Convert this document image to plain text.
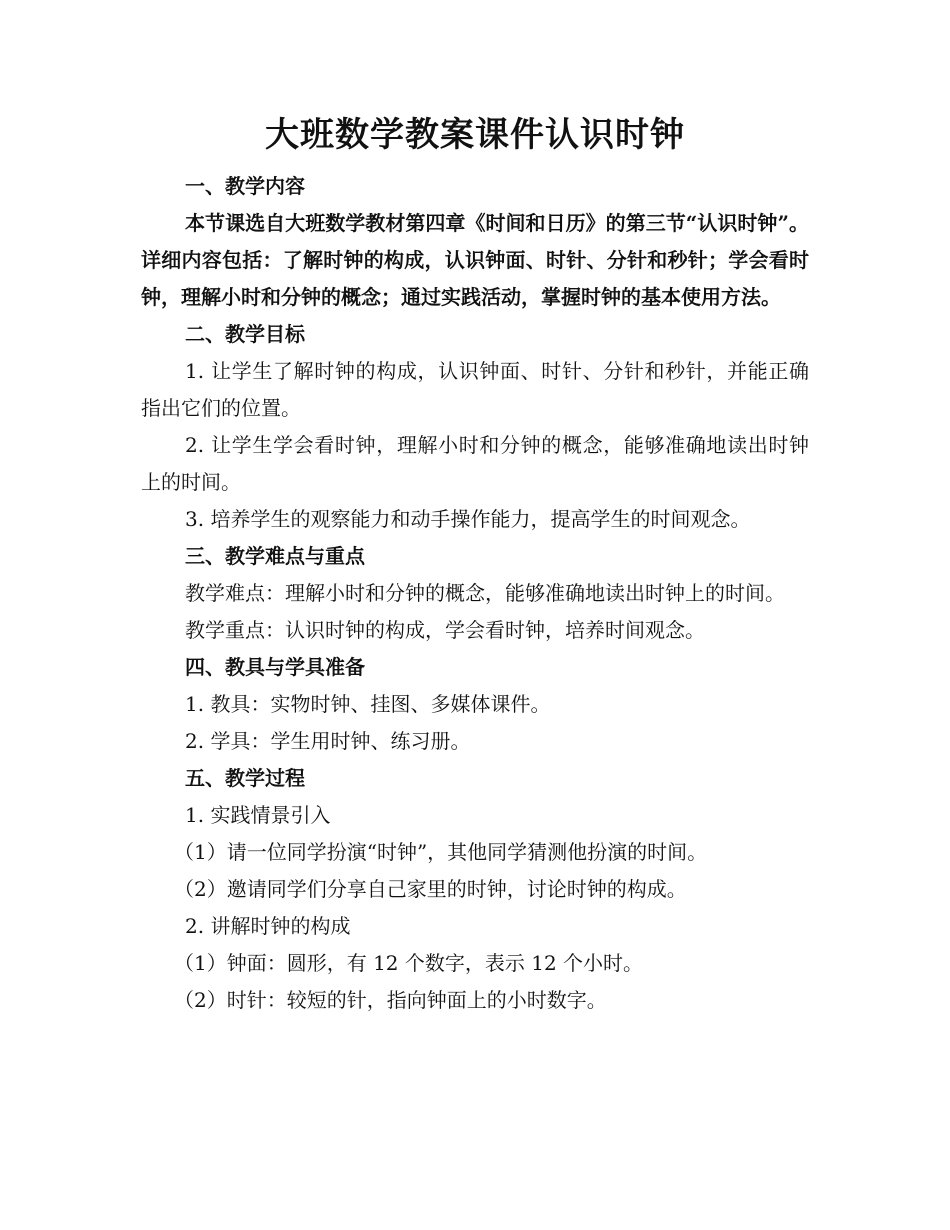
大班数学教案课件认识时钟

一、教学内容

本节课选自大班数学教材第四章《时间和日历》的第三节“认识时钟”。详细内容包括：了解时钟的构成，认识钟面、时针、分针和秒针；学会看时钟，理解小时和分钟的概念；通过实践活动，掌握时钟的基本使用方法。

二、教学目标

1. 让学生了解时钟的构成，认识钟面、时针、分针和秒针，并能正确指出它们的位置。

2. 让学生学会看时钟，理解小时和分钟的概念，能够准确地读出时钟上的时间。

3. 培养学生的观察能力和动手操作能力，提高学生的时间观念。

三、教学难点与重点

教学难点：理解小时和分钟的概念，能够准确地读出时钟上的时间。

教学重点：认识时钟的构成，学会看时钟，培养时间观念。

四、教具与学具准备

1. 教具：实物时钟、挂图、多媒体课件。

2. 学具：学生用时钟、练习册。

五、教学过程

1. 实践情景引入

（1）请一位同学扮演“时钟”，其他同学猜测他扮演的时间。

（2）邀请同学们分享自己家里的时钟，讨论时钟的构成。

2. 讲解时钟的构成

（1）钟面：圆形，有 12 个数字，表示 12 个小时。

（2）时针：较短的针，指向钟面上的小时数字。
